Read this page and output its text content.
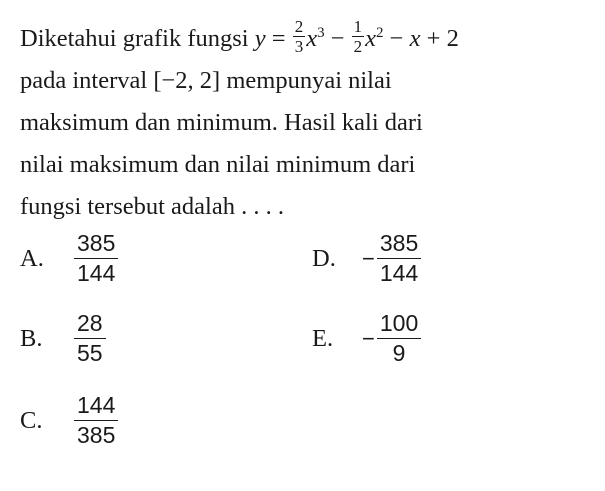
Diketahui grafik fungsi $y = \frac{2}{3} x^3 - \frac{1}{2} x^2 - x + 2$
pada interval [−2, 2] mempunyai nilai
maksimum dan minimum. Hasil kali dari
nilai maksimum dan nilai minimum dari
fungsi tersebut adalah . . . .
A.	$\frac{385}{144}$
B.	$\frac{28}{55}$
C.	$\frac{144}{385}$
D.	− $\frac{385}{144}$
E.	− $\frac{100}{9}$
